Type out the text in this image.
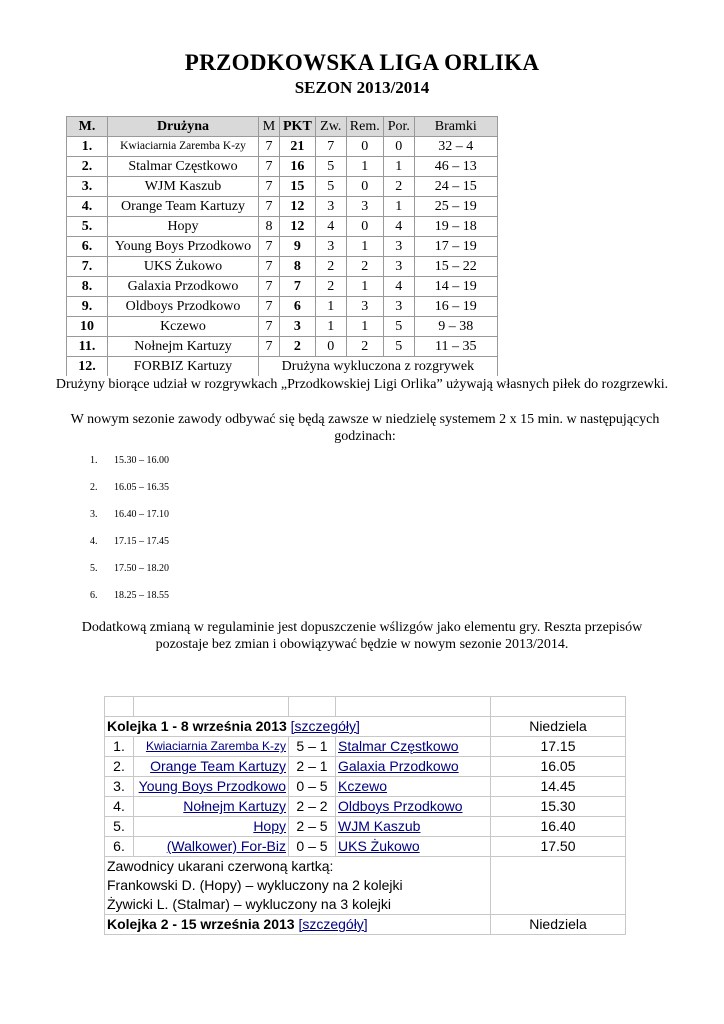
PRZODKOWSKA LIGA ORLIKA
SEZON 2013/2014
M.	Drużyna	M	PKT	Zw.	Rem.	Por.	Bramki
1.	Kwiaciarnia Zaremba K-zy	7	21	7	0	0	32 – 4
2.	Stalmar Częstkowo	7	16	5	1	1	46 – 13
3.	WJM Kaszub	7	15	5	0	2	24 – 15
4.	Orange Team Kartuzy	7	12	3	3	1	25 – 19
5.	Hopy	8	12	4	0	4	19 – 18
6.	Young Boys Przodkowo	7	9	3	1	3	17 – 19
7.	UKS Żukowo	7	8	2	2	3	15 – 22
8.	Galaxia Przodkowo	7	7	2	1	4	14 – 19
9.	Oldboys Przodkowo	7	6	1	3	3	16 – 19
10	Kczewo	7	3	1	1	5	9 – 38
11.	Nołnejm Kartuzy	7	2	0	2	5	11 – 35
12.	FORBIZ Kartuzy	Drużyna wykluczona z rozgrywek					
Drużyny biorące udział w rozgrywkach „Przodkowskiej Ligi Orlika” używają własnych piłek do rozgrzewki.
W nowym sezonie zawody odbywać się będą zawsze w niedzielę systemem 2 x 15 min. w następujących godzinach:
1. 15.30 – 16.00
2. 16.05 – 16.35
3. 16.40 – 17.10
4. 17.15 – 17.45
5. 17.50 – 18.20
6. 18.25 – 18.55
Dodatkową zmianą w regulaminie jest dopuszczenie wślizgów jako elementu gry. Reszta przepisów pozostaje bez zmian i obowiązywać będzie w nowym sezonie 2013/2014.

Kolejka 1 - 8 września 2013 [szczegóły]				Niedziela
1.	Kwiaciarnia Zaremba K-zy	5 – 1	Stalmar Częstkowo	17.15
2.	Orange Team Kartuzy	2 – 1	Galaxia Przodkowo	16.05
3.	Young Boys Przodkowo	0 – 5	Kczewo	14.45
4.	Nołnejm Kartuzy	2 – 2	Oldboys Przodkowo	15.30
5.	Hopy	2 – 5	WJM Kaszub	16.40
6.	(Walkower) For-Biz	0 – 5	UKS Żukowo	17.50

Zawodnicy ukarani czerwoną kartką:
Frankowski D. (Hopy) – wykluczony na 2 kolejki
Żywicki L. (Stalmar) – wykluczony na 3 kolejki				

Kolejka 2 - 15 września 2013 [szczegóły]				Niedziela
